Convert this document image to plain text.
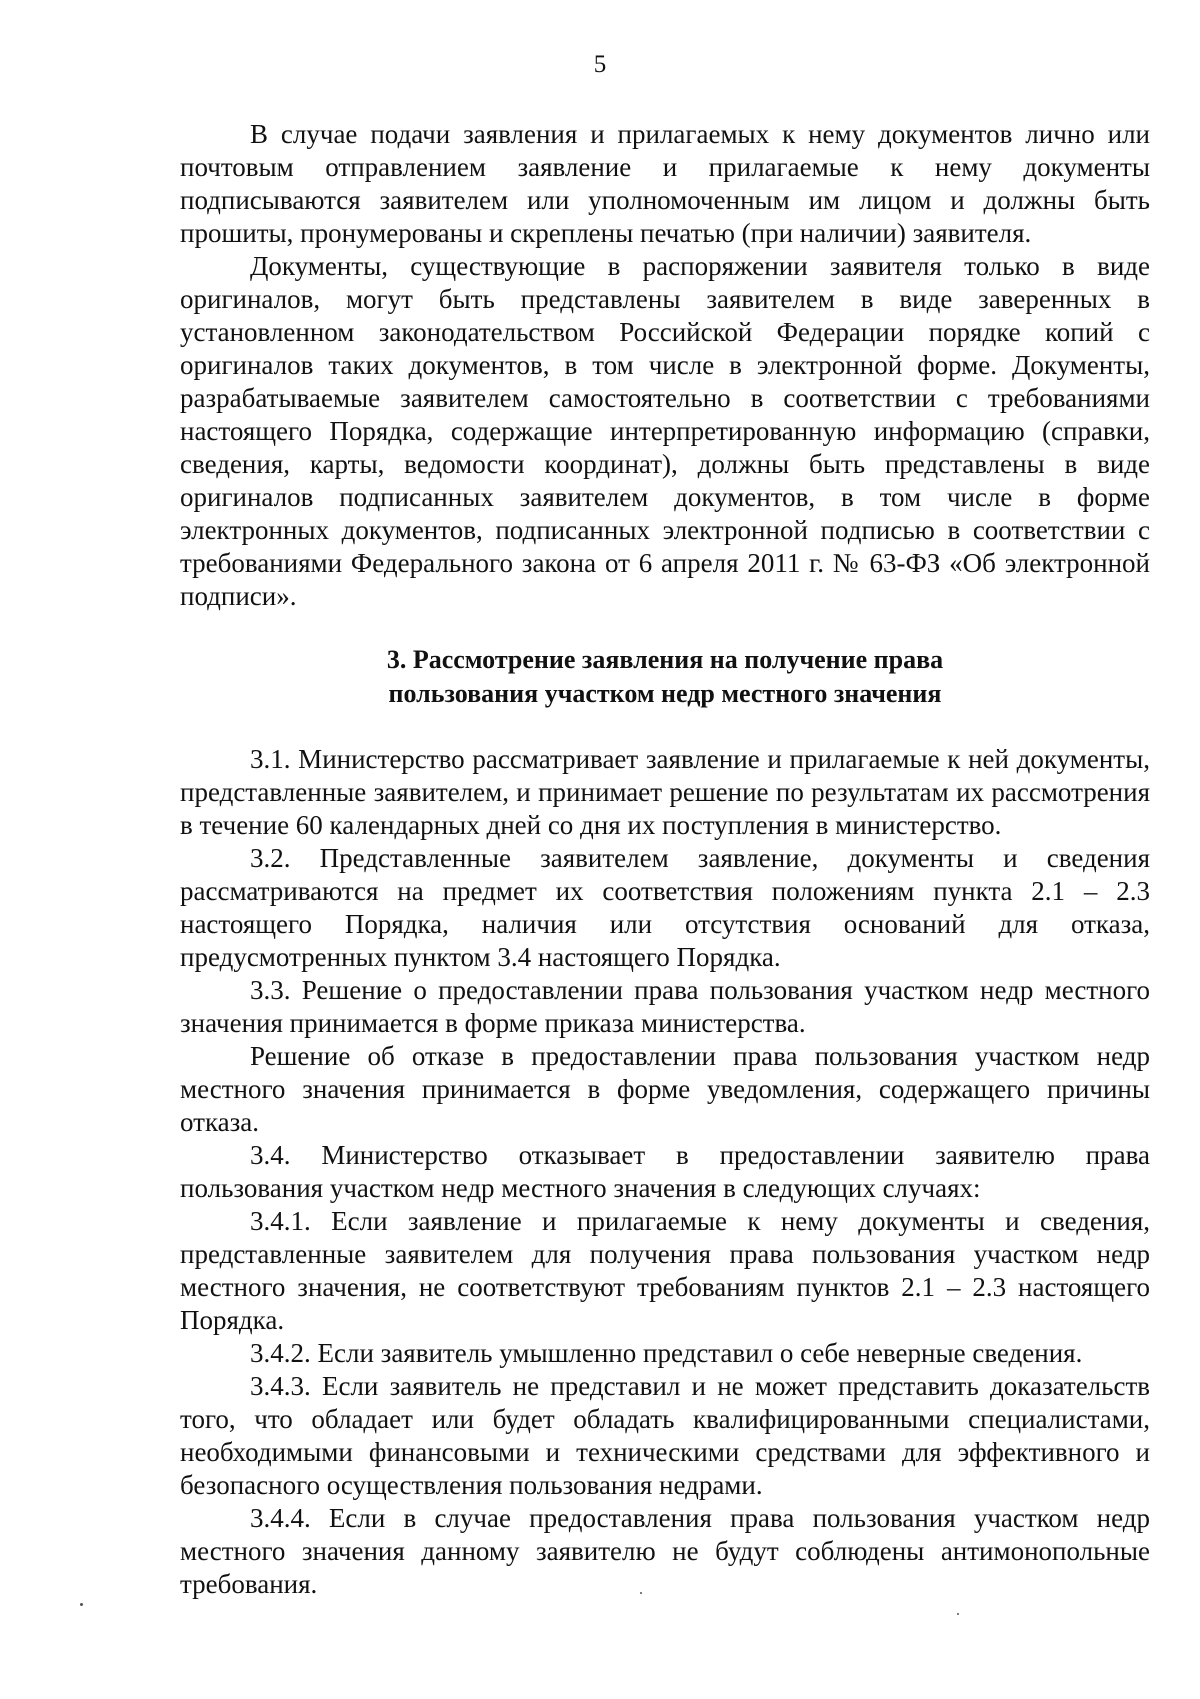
5

В случае подачи заявления и прилагаемых к нему документов лично или почтовым отправлением заявление и прилагаемые к нему документы подписываются заявителем или уполномоченным им лицом и должны быть прошиты, пронумерованы и скреплены печатью (при наличии) заявителя.

Документы, существующие в распоряжении заявителя только в виде оригиналов, могут быть представлены заявителем в виде заверенных в установленном законодательством Российской Федерации порядке копий с оригиналов таких документов, в том числе в электронной форме. Документы, разрабатываемые заявителем самостоятельно в соответствии с требованиями настоящего Порядка, содержащие интерпретированную информацию (справки, сведения, карты, ведомости координат), должны быть представлены в виде оригиналов подписанных заявителем документов, в том числе в форме электронных документов, подписанных электронной подписью в соответствии с требованиями Федерального закона от 6 апреля 2011 г. № 63-ФЗ «Об электронной подписи».

3. Рассмотрение заявления на получение права
пользования участком недр местного значения

3.1. Министерство рассматривает заявление и прилагаемые к ней документы, представленные заявителем, и принимает решение по результатам их рассмотрения в течение 60 календарных дней со дня их поступления в министерство.

3.2. Представленные заявителем заявление, документы и сведения рассматриваются на предмет их соответствия положениям пункта 2.1 – 2.3 настоящего Порядка, наличия или отсутствия оснований для отказа, предусмотренных пунктом 3.4 настоящего Порядка.

3.3. Решение о предоставлении права пользования участком недр местного значения принимается в форме приказа министерства.

Решение об отказе в предоставлении права пользования участком недр местного значения принимается в форме уведомления, содержащего причины отказа.

3.4. Министерство отказывает в предоставлении заявителю права пользования участком недр местного значения в следующих случаях:

3.4.1. Если заявление и прилагаемые к нему документы и сведения, представленные заявителем для получения права пользования участком недр местного значения, не соответствуют требованиям пунктов 2.1 – 2.3 настоящего Порядка.

3.4.2. Если заявитель умышленно представил о себе неверные сведения.

3.4.3. Если заявитель не представил и не может представить доказательств того, что обладает или будет обладать квалифицированными специалистами, необходимыми финансовыми и техническими средствами для эффективного и безопасного осуществления пользования недрами.

3.4.4. Если в случае предоставления права пользования участком недр местного значения данному заявителю не будут соблюдены антимонопольные требования.
